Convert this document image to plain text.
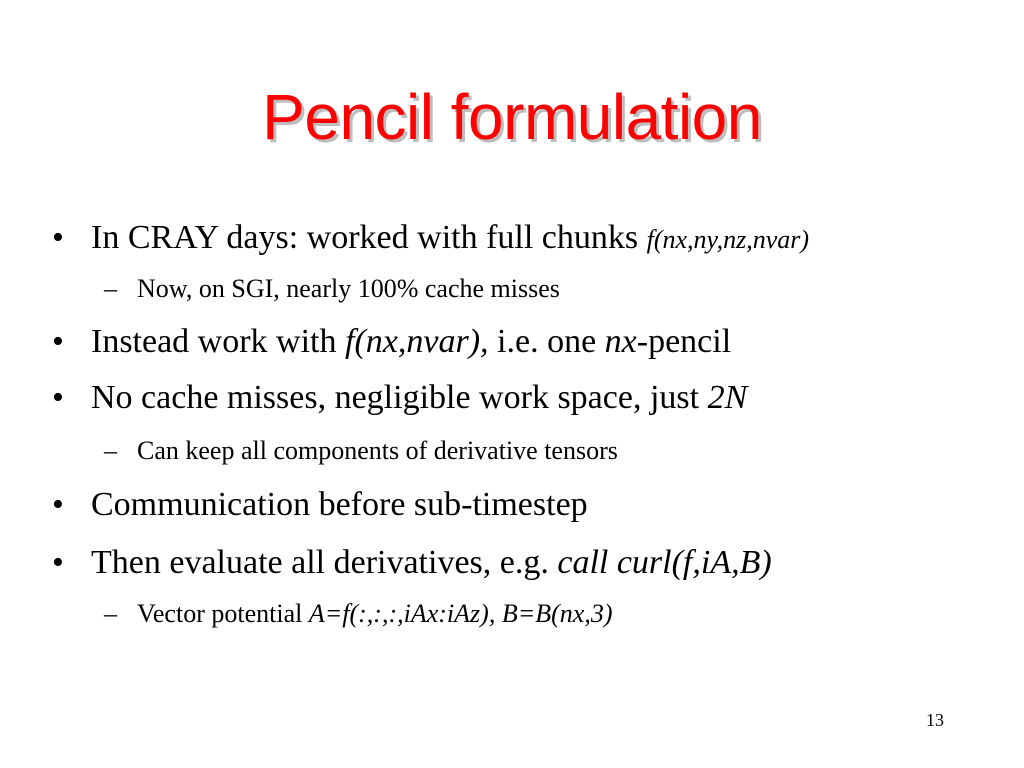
Pencil formulation
• In CRAY days: worked with full chunks f(nx,ny,nz,nvar)
– Now, on SGI, nearly 100% cache misses
• Instead work with f(nx,nvar), i.e. one nx-pencil
• No cache misses, negligible work space, just 2N
– Can keep all components of derivative tensors
• Communication before sub-timestep
• Then evaluate all derivatives, e.g. call curl(f,iA,B)
– Vector potential A=f(:,:,:,iAx:iAz), B=B(nx,3)
13
